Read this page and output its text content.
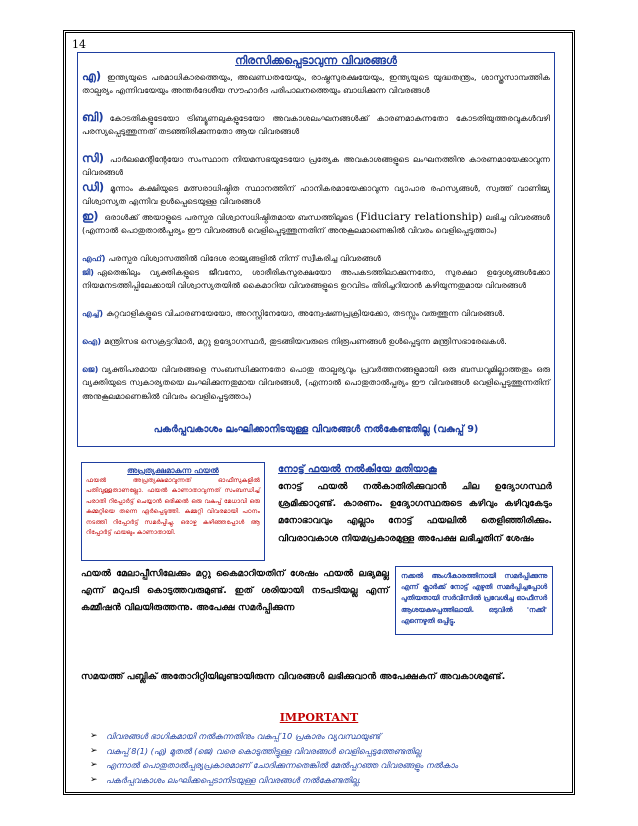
14
നിരസിക്കപ്പെടാവുന്ന വിവരങ്ങൾ
എ) ഇന്ത്യയുടെ പരമാധികാരത്തെയും, അഖണ്ഡതയേയും, രാഷ്ട്രസുരക്ഷയേയും, ഇന്ത്യയുടെ യുദ്ധതന്ത്രം, ശാസ്ത്രസാമ്പത്തിക താല്പര്യം എന്നിവയേയും അന്തർദേശീയ സൗഹാർദ പരിപാലനത്തെയും ബാധിക്കുന്ന വിവരങ്ങൾ
ബി) കോടതികളുടേയോ ട്രിബ്യൂണലുകളുടേയോ അവകാശലംഘനങ്ങൾക്ക് കാരണമാകുന്നതോ കോടതിയുത്തരവുകൾവഴി പരസ്യപ്പെടുത്തുന്നത് തടഞ്ഞിരിക്കുന്നതോ ആയ വിവരങ്ങൾ
സി) പാർലമെന്റിന്റേയോ സംസ്ഥാന നിയമസഭയുടേയോ പ്രത്യേക അവകാശങ്ങളുടെ ലംഘനത്തിനു കാരണമായേക്കാവുന്ന വിവരങ്ങൾ
ഡി) മൂന്നാം കക്ഷിയുടെ മത്സരാധിഷ്ഠിത സ്ഥാനത്തിന് ഹാനികരമായേക്കാവുന്ന വ്യാപാര രഹസ്യങ്ങൾ, സ്വത്ത് വാണിജ്യ വിശ്വാസ്യത എന്നിവ ഉൾപ്പെടെയുള്ള വിവരങ്ങൾ
ഇ) ഒരാൾക്ക് അയാളുടെ പരസ്പര വിശ്വാസധിഷ്ഠിതമായ ബന്ധത്തിലൂടെ (Fiduciary relationship) ലഭിച്ച വിവരങ്ങൾ (എന്നാൽ പൊതുതാൽപ്പര്യം ഈ വിവരങ്ങൾ വെളിപ്പെടുത്തുന്നതിന് അനുകൂലമാണെങ്കിൽ വിവരം വെളിപ്പെടുത്താം)
എഫ്) പരസ്പര വിശ്വാസത്തിൽ വിദേശ രാജ്യങ്ങളിൽ നിന്ന് സ്വീകരിച്ച വിവരങ്ങൾ
ജി) ഏതെങ്കിലും വ്യക്തികളുടെ ജീവനോ, ശാരീരികസുരക്ഷയോ അപകടത്തിലാക്കുന്നതോ, സുരക്ഷാ ഉദ്ദേശ്യങ്ങൾക്കോ നിയമനടത്തിപ്പിലേക്കായി വിശ്വാസ്യതയിൽ കൈമാറിയ വിവരങ്ങളുടെ ഉറവിടം തിരിച്ചറിയാൻ കഴിയുന്നതുമായ വിവരങ്ങൾ
എച്ച്) കുറ്റവാളികളുടെ വിചാരണയേയോ, അറസ്റ്റിനേയോ, അന്വേഷണപ്രക്രിയക്കോ, തടസ്സം വരുത്തുന്ന വിവരങ്ങൾ.
ഐ) മന്ത്രിസഭ സെക്രട്ടറിമാർ, മറ്റു ഉദ്യോഗസ്ഥർ, തുടങ്ങിയവരുടെ നിരൂപണങ്ങൾ ഉൾപ്പെടുന്ന മന്ത്രിസഭാരേഖകൾ.
ജെ) വ്യക്തിപരമായ വിവരങ്ങളെ സംബന്ധിക്കുന്നതോ പൊതു താല്പര്യവും പ്രവർത്തനങ്ങളുമായി ഒരു ബന്ധവുമില്ലാത്തതും ഒരു വ്യക്തിയുടെ സ്വകാര്യതയെ ലംഘിക്കുന്നതുമായ വിവരങ്ങൾ, (എന്നാൽ പൊതുതാൽപ്പര്യം ഈ വിവരങ്ങൾ വെളിപ്പെടുത്തുന്നതിന് അനുകൂലമാണെങ്കിൽ വിവരം വെളിപ്പെടുത്താം)
പകർപ്പവകാശം ലംഘിക്കാനിടയുള്ള വിവരങ്ങൾ നൽകേണ്ടതില്ല (വകുപ്പ് 9)
അപ്രത്യക്ഷമാകുന്ന ഫയൽ
ഫയൽ അപ്രത്യക്ഷമാവുന്നത് ഓഫീസുകളിൽ പതിവുള്ളതാണല്ലോ. ഫയൽ കാണാതാവുന്നത് സംബന്ധിച്ച് പരാതി റിപ്പോർട്ട് ചെയ്യാൻ ഒരിക്കൽ ഒരു വകുപ്പ് മേധാവി ഒരു കമ്മറ്റിയെ തന്നെ ഏർപ്പെടുത്തി. കമ്മറ്റി വിവരമായി പഠനം നടത്തി റിപ്പോർട്ട് സമർപ്പിച്ചു. ഒരാഴ്ച കഴിഞ്ഞപ്പോൾ ആ റിപ്പോർട്ട് ഫയലും കാണാതായി.
നോട്ട് ഫയൽ നൽകിയേ മതിയാകൂ
നോട്ട് ഫയൽ നൽകാതിരിക്കുവാൻ ചില ഉദ്യോഗസ്ഥർ ശ്രമിക്കാറുണ്ട്. കാരണം. ഉദ്യോഗസ്ഥരുടെ കഴിവും കഴിവുകേടും മനോഭാവവും എല്ലാം നോട്ട് ഫയലിൽ തെളിഞ്ഞിരിക്കും. വിവരാവകാശ നിയമപ്രകാരമുള്ള അപേക്ഷ ലഭിച്ചതിന് ശേഷം
നക്കൽ അംഗീകാരത്തിനായി സമർപ്പിക്കുന്നു എന്ന് ക്ലാർക്ക് നോട്ട് എഴുതി സമർപ്പിച്ചപ്പോൾ പുതിയതായി സർവീസിൽ പ്രവേശിച്ച ഓഫീസർ ആശയകുഴപ്പത്തിലായി. ഒടുവിൽ 'നക്കി' എന്നെഴുതി ഒപ്പിട്ടു.
ഫയൽ മേലാപ്പീസിലേക്കും മറ്റു കൈമാറിയതിന് ശേഷം ഫയൽ ലഭ്യമല്ല എന്ന് മറുപടി കൊടുത്തവരുമുണ്ട്. ഇത് ശരിയായി നടപടിയല്ല എന്ന് കമ്മീഷൻ വിലയിരുത്തന്നു. അപേക്ഷ സമർപ്പിക്കുന്ന
സമയത്ത് പബ്ലിക് അതോറിറ്റിയിലുണ്ടായിരുന്ന വിവരങ്ങൾ ലഭിക്കുവാൻ അപേക്ഷകന് അവകാശമുണ്ട്.
IMPORTANT
➢ വിവരങ്ങൾ ഭാഗികമായി നൽകുന്നതിനും വകുപ്പ് 10 പ്രകാരം വ്യവസ്ഥയുണ്ട്
➢ വകുപ്പ് 8(1) (എ) മുതൽ (ജെ) വരെ കൊടുത്തിട്ടുള്ള വിവരങ്ങൾ വെളിപ്പെടുത്തേണ്ടതില്ല
➢ എന്നാൽ പൊതുതാൽപ്പര്യപ്രകാരമാണ് ചോദിക്കുന്നതെങ്കിൽ മേൽപ്പറഞ്ഞ വിവരങ്ങളും നൽകാം
➢ പകർപ്പവകാശം ലംഘിക്കപ്പെടാനിടയുള്ള വിവരങ്ങൾ നൽകേണ്ടതില്ല.
